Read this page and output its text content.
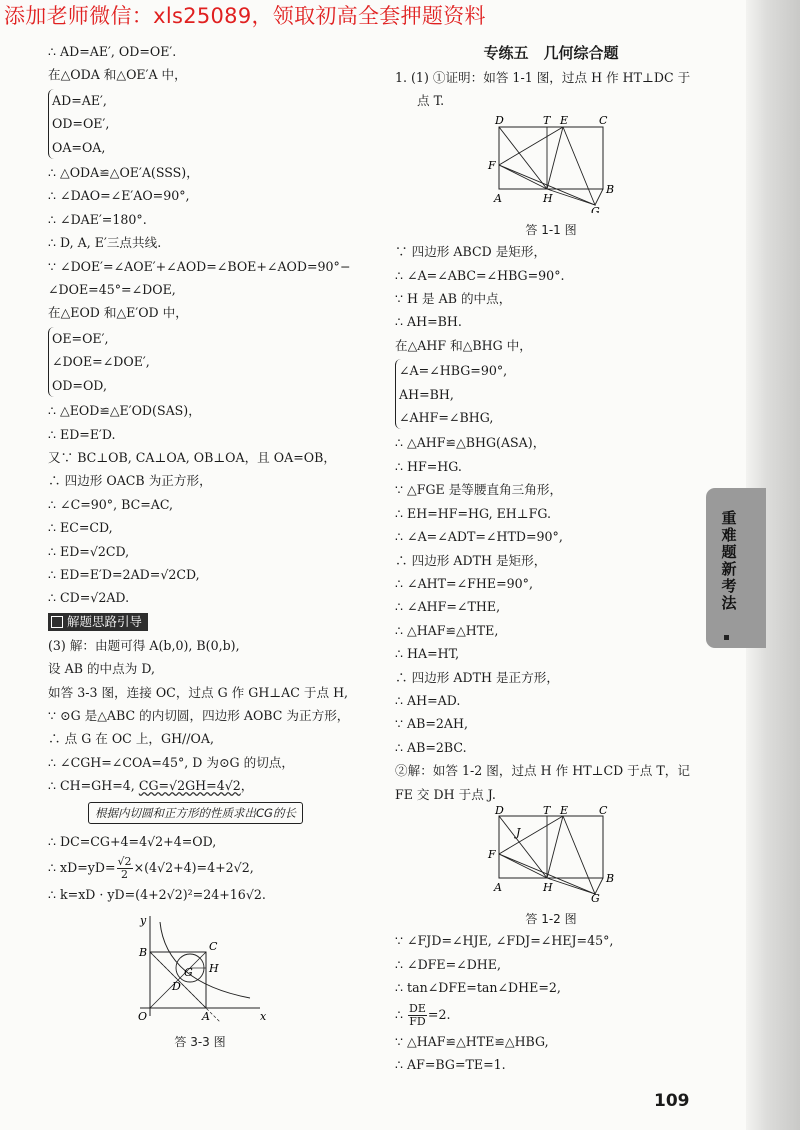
添加老师微信：xls25089，领取初高全套押题资料
∴ AD=AE′, OD=OE′.
在△ODA 和△OE′A 中，
AD=AE′,
OD=OE′,
OA=OA,
∴ △ODA≌△OE′A(SSS)，
∴ ∠DAO=∠E′AO=90°,
∴ ∠DAE′=180°.
∴ D, A, E′三点共线.
∵ ∠DOE′=∠AOE′+∠AOD=∠BOE+∠AOD=90°−
∠DOE=45°=∠DOE,
在△EOD 和△E′OD 中，
OE=OE′,
∠DOE=∠DOE′,
OD=OD,
∴ △EOD≌△E′OD(SAS)，
∴ ED=E′D.
又∵ BC⊥OB, CA⊥OA, OB⊥OA，且 OA=OB，
∴ 四边形 OACB 为正方形，
∴ ∠C=90°, BC=AC,
∴ EC=CD,
∴ ED=√2CD,
∴ ED=E′D=2AD=√2CD,
∴ CD=√2AD.
解题思路引导
(3) 解：由题可得 A(b,0), B(0,b),
设 AB 的中点为 D,
如答 3-3 图，连接 OC，过点 G 作 GH⊥AC 于点 H,
∵ ⊙G 是△ABC 的内切圆，四边形 AOBC 为正方形，
∴ 点 G 在 OC 上，GH//OA,
∴ ∠CGH=∠COA=45°, D 为⊙G 的切点，
∴ CH=GH=4, CG=√2GH=4√2，
根据内切圆和正方形的性质求出CG的长
∴ DC=CG+4=4√2+4=OD,
∴ $xD=yD= \frac{√2}{2} \times(4√2+4)=4+2√2$,
∴ k=xD · yD=(4+2√2)²=24+16√2.
y
x
O	A
B	C
D
G H
答 3-3 图
专练五　几何综合题
1. (1) ①证明：如答 1-1 图，过点 H 作 HT⊥DC 于
点 T.
D	T E	C
F
A	H
B
G
答 1-1 图
∵ 四边形 ABCD 是矩形，
∴ ∠A=∠ABC=∠HBG=90°.
∵ H 是 AB 的中点，
∴ AH=BH.
在△AHF 和△BHG 中，
∠A=∠HBG=90°,
AH=BH,
∠AHF=∠BHG,
∴ △AHF≌△BHG(ASA)，
∴ HF=HG.
∵ △FGE 是等腰直角三角形，
∴ EH=HF=HG, EH⊥FG.
∴ ∠A=∠ADT=∠HTD=90°,
∴ 四边形 ADTH 是矩形，
∴ ∠AHT=∠FHE=90°,
∴ ∠AHF=∠THE,
∴ △HAF≌△HTE,
∴ HA=HT,
∴ 四边形 ADTH 是正方形，
∴ AH=AD.
∵ AB=2AH,
∴ AB=2BC.
②解：如答 1-2 图，过点 H 作 HT⊥CD 于点 T，记
FE 交 DH 于点 J.
D	T E	C
J
F
A	H
B
G
答 1-2 图
∵ ∠FJD=∠HJE, ∠FDJ=∠HEJ=45°,
∴ ∠DFE=∠DHE,
∴ tan∠DFE=tan∠DHE=2,
∴ $\frac{DE}{FD} =2$.
∵ △HAF≌△HTE≌△HBG,
∴ AF=BG=TE=1.
重难题新考法
109
